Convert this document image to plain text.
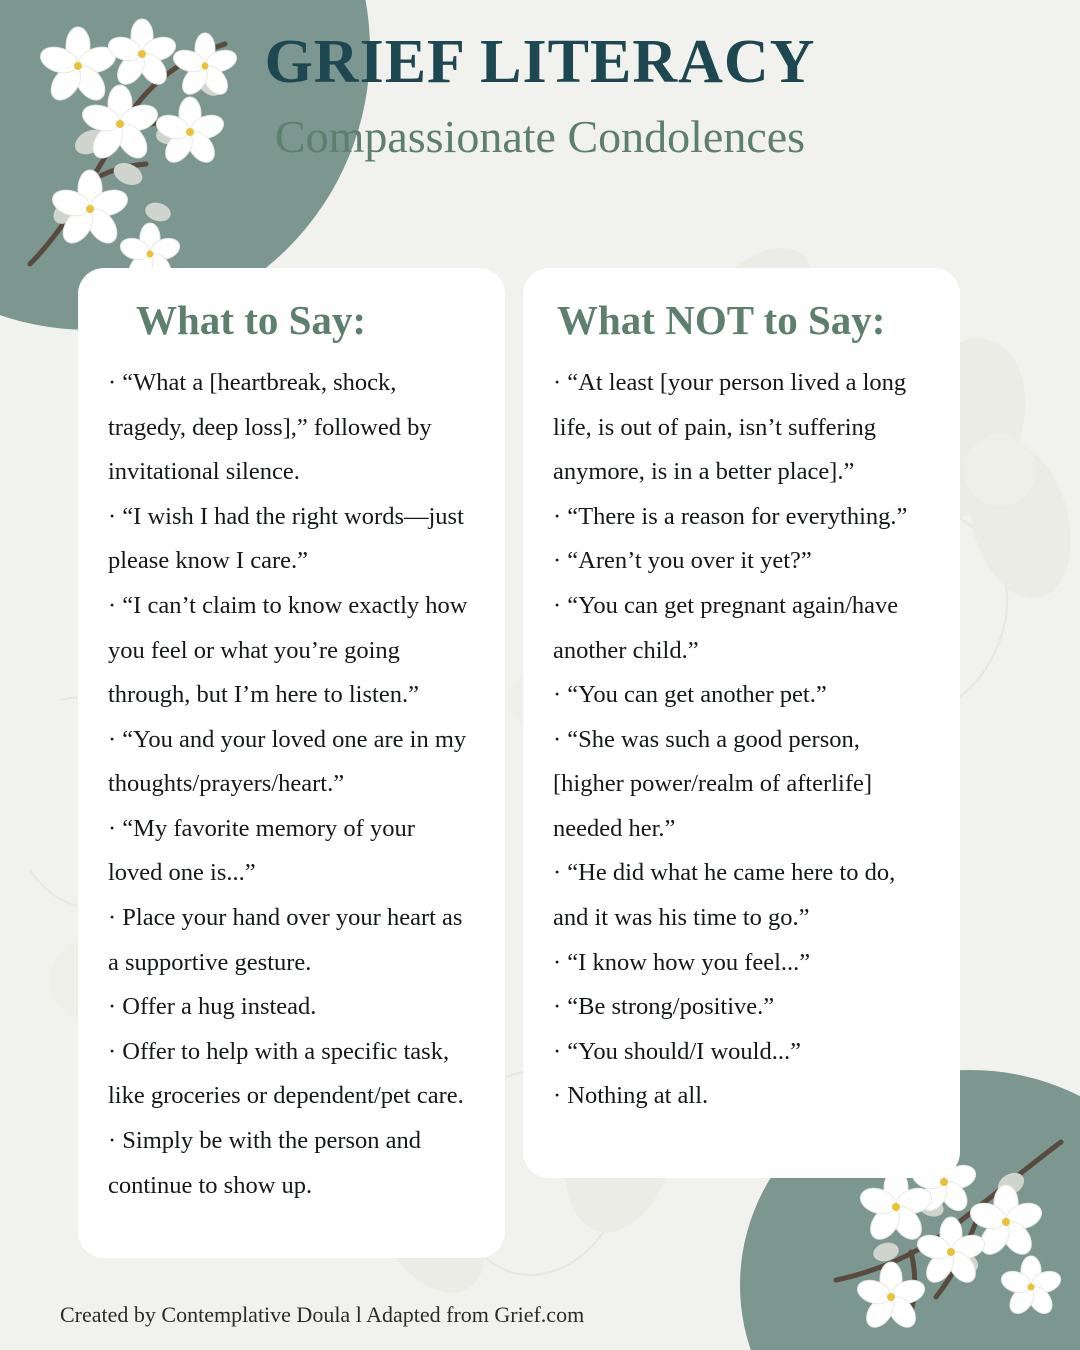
GRIEF LITERACY
Compassionate Condolences
What to Say:
· “What a [heartbreak, shock, tragedy, deep loss],” followed by invitational silence.
· “I wish I had the right words—just please know I care.”
· “I can’t claim to know exactly how you feel or what you’re going through, but I’m here to listen.”
· “You and your loved one are in my thoughts/prayers/heart.”
· “My favorite memory of your loved one is...”
· Place your hand over your heart as a supportive gesture.
· Offer a hug instead.
· Offer to help with a specific task, like groceries or dependent/pet care.
· Simply be with the person and continue to show up.
What NOT to Say:
· “At least [your person lived a long life, is out of pain, isn’t suffering anymore, is in a better place].”
· “There is a reason for everything.”
· “Aren’t you over it yet?”
· “You can get pregnant again/have another child.”
· “You can get another pet.”
· “She was such a good person, [higher power/realm of afterlife] needed her.”
· “He did what he came here to do, and it was his time to go.”
· “I know how you feel...”
· “Be strong/positive.”
· “You should/I would...”
· Nothing at all.
Created by Contemplative Doula l Adapted from Grief.com
